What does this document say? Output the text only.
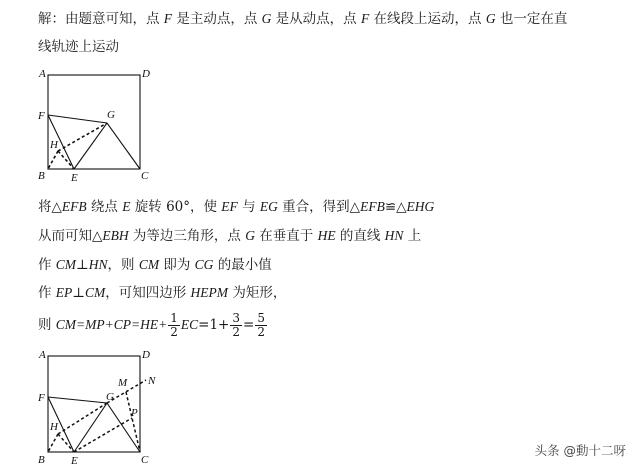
解：由题意可知，点 F 是主动点，点 G 是从动点，点 F 在线段上运动，点 G 也一定在直
线轨迹上运动
A	D
F	G
H
B E	C
将△EFB 绕点 E 旋转 60°，使 EF 与 EG 重合，得到△EFB≌△EHG
从而可知△EBH 为等边三角形，点 G 在垂直于 HE 的直线 HN 上
作 CM⊥HN，则 CM 即为 CG 的最小值
作 EP⊥CM，可知四边形 HEPM 为矩形，
则 $CM=MP+CP=HE+ \frac{1}{2} EC=1+ \frac{3}{2} = \frac{5}{2}$
A	D
F	G
M N
H
P
B E	C
头条 @動十二呀
